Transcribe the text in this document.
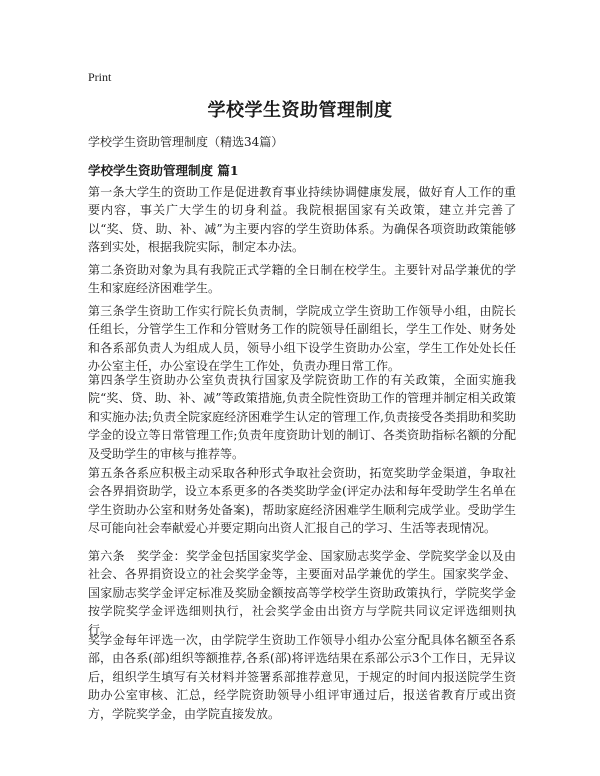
Print
学校学生资助管理制度
学校学生资助管理制度（精选34篇）
学校学生资助管理制度 篇1

第一条大学生的资助工作是促进教育事业持续协调健康发展，做好育人工作的重要内容，事关广大学生的切身利益。我院根据国家有关政策，建立并完善了以“奖、贷、助、补、减”为主要内容的学生资助体系。为确保各项资助政策能够落到实处，根据我院实际，制定本办法。

第二条资助对象为具有我院正式学籍的全日制在校学生。主要针对品学兼优的学生和家庭经济困难学生。

第三条学生资助工作实行院长负责制，学院成立学生资助工作领导小组，由院长任组长，分管学生工作和分管财务工作的院领导任副组长，学生工作处、财务处和各系部负责人为组成人员，领导小组下设学生资助办公室，学生工作处处长任办公室主任，办公室设在学生工作处，负责办理日常工作。

第四条学生资助办公室负责执行国家及学院资助工作的有关政策，全面实施我院“奖、贷、助、补、减”等政策措施,负责全院性资助工作的管理并制定相关政策和实施办法;负责全院家庭经济困难学生认定的管理工作,负责接受各类捐助和奖助学金的设立等日常管理工作;负责年度资助计划的制订、各类资助指标名额的分配及受助学生的审核与推荐等。

第五条各系应积极主动采取各种形式争取社会资助，拓宽奖助学金渠道，争取社会各界捐资助学，设立本系更多的各类奖助学金(评定办法和每年受助学生名单在学生资助办公室和财务处备案)，帮助家庭经济困难学生顺利完成学业。受助学生尽可能向社会奉献爱心并要定期向出资人汇报自己的学习、生活等表现情况。

第六条　奖学金：奖学金包括国家奖学金、国家励志奖学金、学院奖学金以及由社会、各界捐资设立的社会奖学金等，主要面对品学兼优的学生。国家奖学金、国家励志奖学金评定标准及奖励金额按高等学校学生资助政策执行，学院奖学金按学院奖学金评选细则执行，社会奖学金由出资方与学院共同议定评选细则执行。

奖学金每年评选一次，由学院学生资助工作领导小组办公室分配具体名额至各系部，由各系(部)组织等额推荐,各系(部)将评选结果在系部公示3个工作日，无异议后，组织学生填写有关材料并签署系部推荐意见，于规定的时间内报送院学生资助办公室审核、汇总，经学院资助领导小组评审通过后，报送省教育厅或出资方，学院奖学金，由学院直接发放。
